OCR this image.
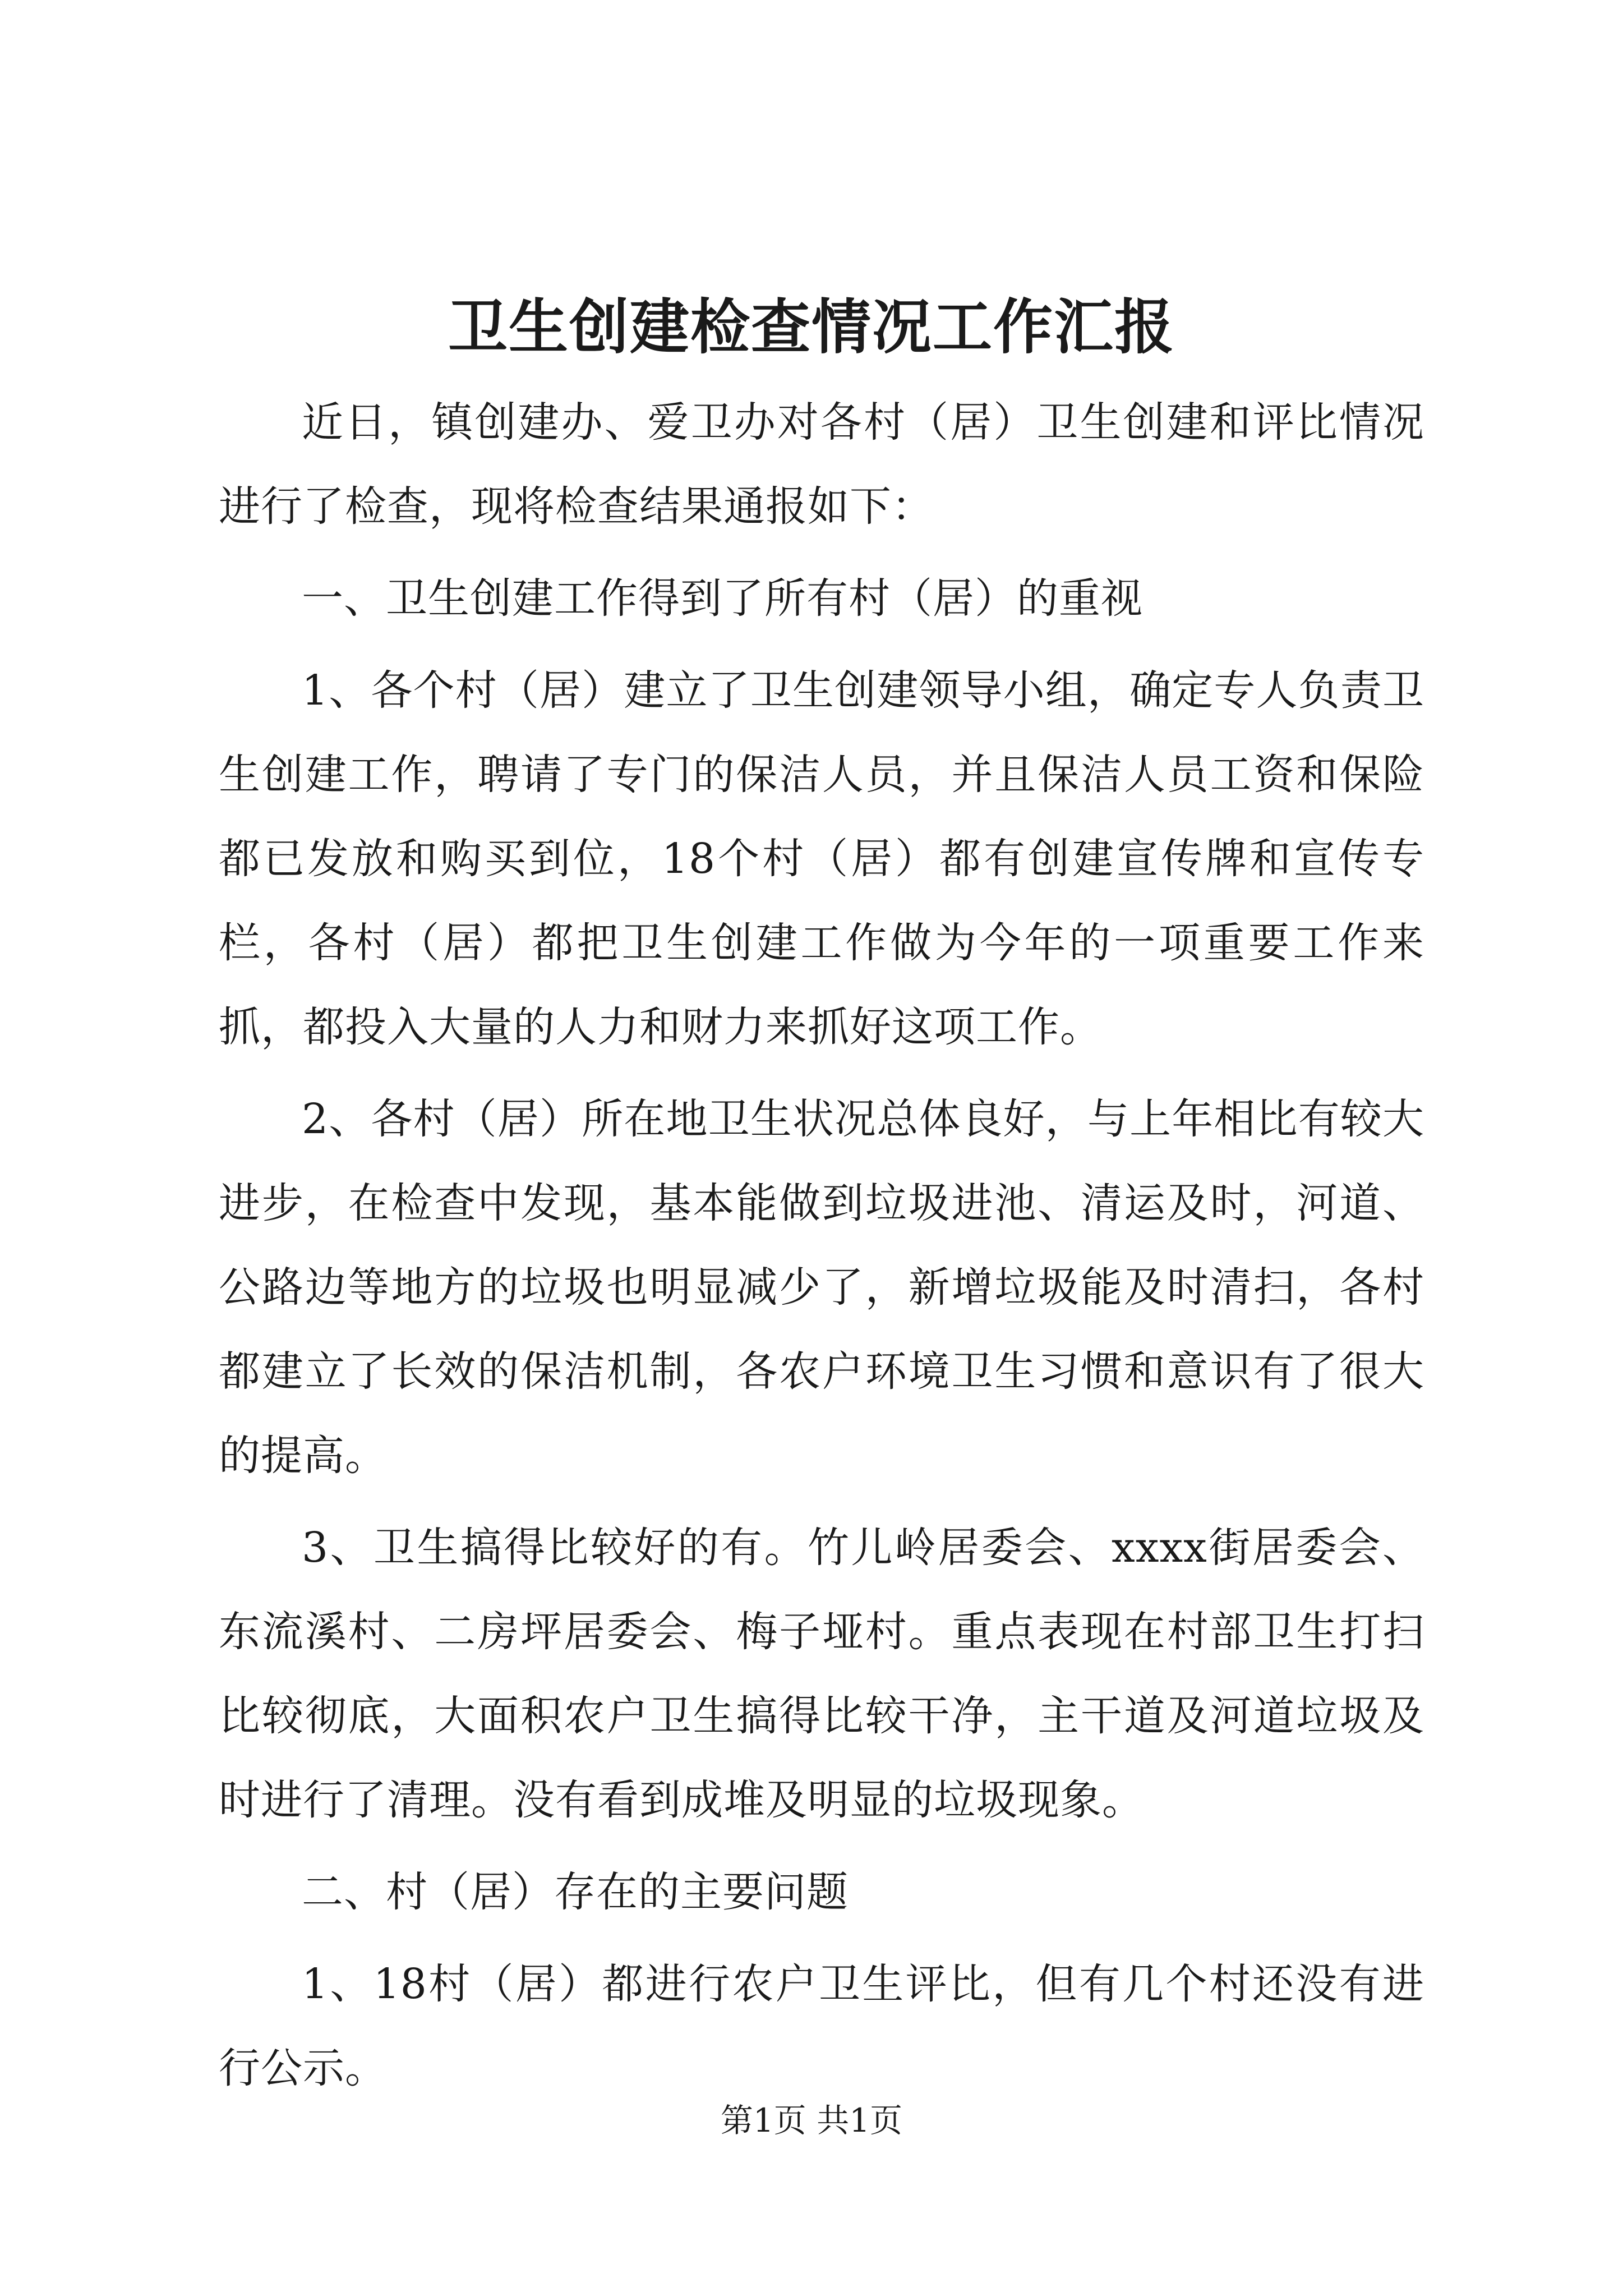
卫生创建检查情况工作汇报

近日，镇创建办、爱卫办对各村（居）卫生创建和评比情况进行了检查，现将检查结果通报如下：

一、卫生创建工作得到了所有村（居）的重视

1、各个村（居）建立了卫生创建领导小组，确定专人负责卫生创建工作，聘请了专门的保洁人员，并且保洁人员工资和保险都已发放和购买到位，18个村（居）都有创建宣传牌和宣传专栏，各村（居）都把卫生创建工作做为今年的一项重要工作来抓，都投入大量的人力和财力来抓好这项工作。

2、各村（居）所在地卫生状况总体良好，与上年相比有较大进步，在检查中发现，基本能做到垃圾进池、清运及时，河道、公路边等地方的垃圾也明显减少了，新增垃圾能及时清扫，各村都建立了长效的保洁机制，各农户环境卫生习惯和意识有了很大的提高。

3、卫生搞得比较好的有。竹儿岭居委会、xxxx街居委会、东流溪村、二房坪居委会、梅子垭村。重点表现在村部卫生打扫比较彻底，大面积农户卫生搞得比较干净，主干道及河道垃圾及时进行了清理。没有看到成堆及明显的垃圾现象。

二、村（居）存在的主要问题

1、18村（居）都进行农户卫生评比，但有几个村还没有进行公示。

第1页 共1页
